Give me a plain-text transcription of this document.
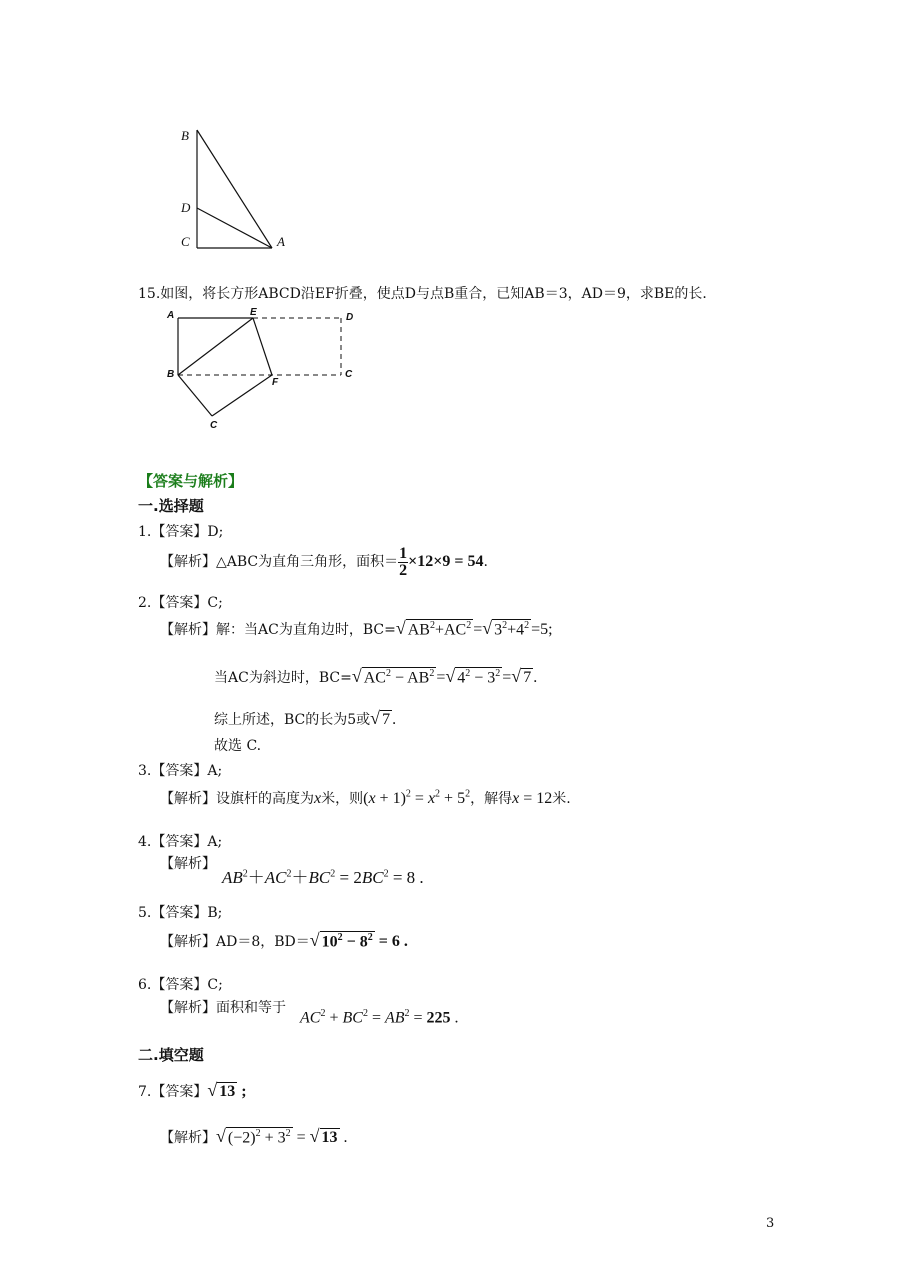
B
D
C	A
15.如图，将长方形ABCD沿EF折叠，使点D与点B重合，已知AB＝3，AD＝9，求BE的长．
A	E	D
B
F
C
C
【答案与解析】
一.选择题
1.【答案】D;
【解析】△ABC为直角三角形，面积＝ $\frac{1}{2} \times 12\times 9 = 54$.
2.【答案】C;
【解析】解：当AC为直角边时，BC=√ $AB^2+AC^2$ =√ $3^2+4^2 =5$;
当AC为斜边时，BC=√ $AC^2 - AB^2$ =√ $4^2 - 3^2$ =√ 7 .
综上所述，BC的长为5或√ 7 .
故选 C.
3.【答案】A;
【解析】设旗杆的高度为x米，则$(x + 1)^2 = x^2 + 5^2$，解得x = 12米.
4.【答案】A;
【解析】
$AB^2+AC^2+BC^2 = 2BC^2 = 8$ .
5.【答案】B;
【解析】AD＝8，BD＝√ $10^2 - 8^2 = 6$ .
6.【答案】C;
【解析】面积和等于
$AC^2 + BC^2 = AB^2 = 225$ .
二.填空题
7.【答案】√ 13 ;
【解析】√ $(-2)^2 + 3^2$ = √ 13 .
3
